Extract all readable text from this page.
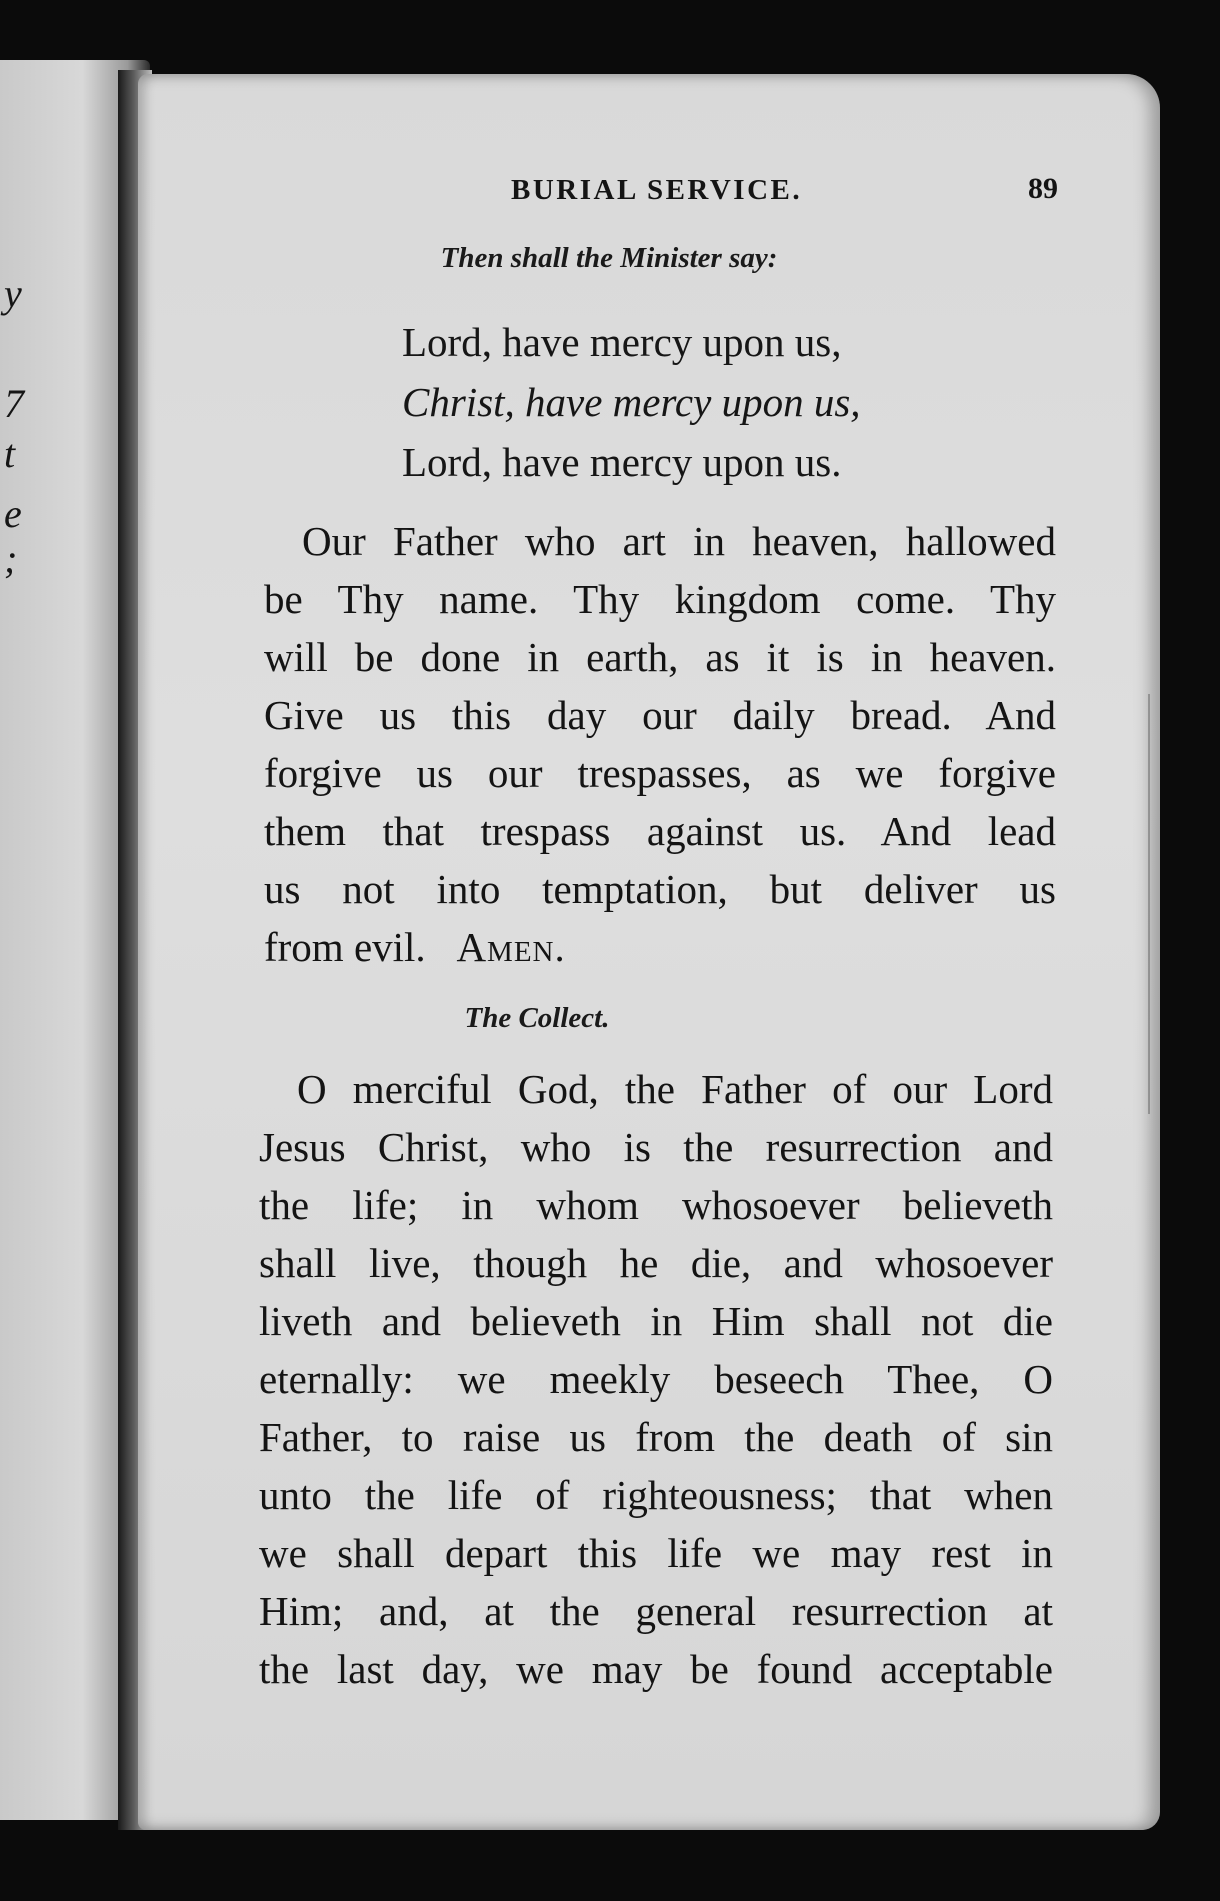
y
7
t
e
;
BURIAL SERVICE.	89
Then shall the Minister say:
Lord, have mercy upon us,
Christ, have mercy upon us,
Lord, have mercy upon us.
Our Father who art in heaven, hallowed
be Thy name. Thy kingdom come. Thy
will be done in earth, as it is in heaven.
Give us this day our daily bread. And
forgive us our trespasses, as we forgive
them that trespass against us. And lead
us not into temptation, but deliver us
from evil. Amen.
The Collect.
O merciful God, the Father of our Lord
Jesus Christ, who is the resurrection and
the life; in whom whosoever believeth
shall live, though he die, and whosoever
liveth and believeth in Him shall not die
eternally: we meekly beseech Thee, O
Father, to raise us from the death of sin
unto the life of righteousness; that when
we shall depart this life we may rest in
Him; and, at the general resurrection at
the last day, we may be found acceptable
